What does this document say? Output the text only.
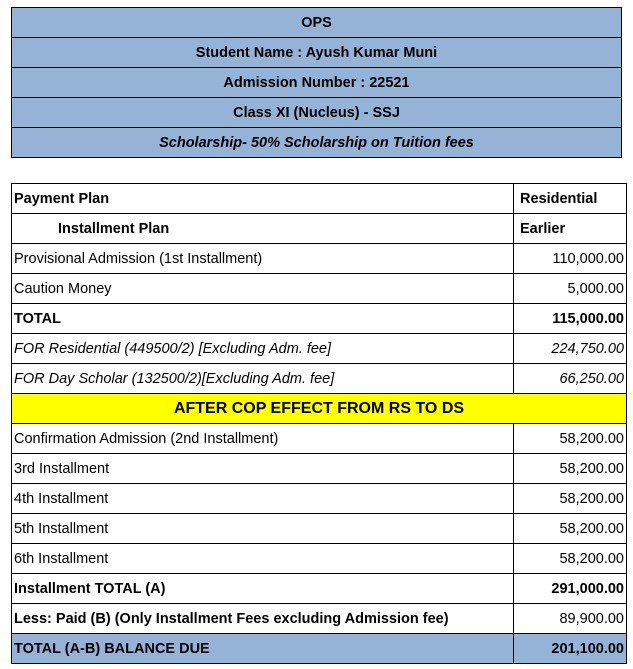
OPS
Student Name : Ayush Kumar Muni
Admission Number : 22521
Class XI (Nucleus) - SSJ
Scholarship- 50% Scholarship on Tuition fees
Payment Plan	Residential
Installment Plan	Earlier
Provisional Admission (1st Installment)	110,000.00
Caution Money	5,000.00
TOTAL	115,000.00
FOR Residential (449500/2) [Excluding Adm. fee]	224,750.00
FOR Day Scholar (132500/2)[Excluding Adm. fee]	66,250.00
AFTER COP EFFECT FROM RS TO DS	
Confirmation Admission (2nd Installment)	58,200.00
3rd Installment	58,200.00
4th Installment	58,200.00
5th Installment	58,200.00
6th Installment	58,200.00
Installment TOTAL (A)	291,000.00
Less: Paid (B) (Only Installment Fees excluding Admission fee)	89,900.00
TOTAL (A-B) BALANCE DUE	201,100.00
